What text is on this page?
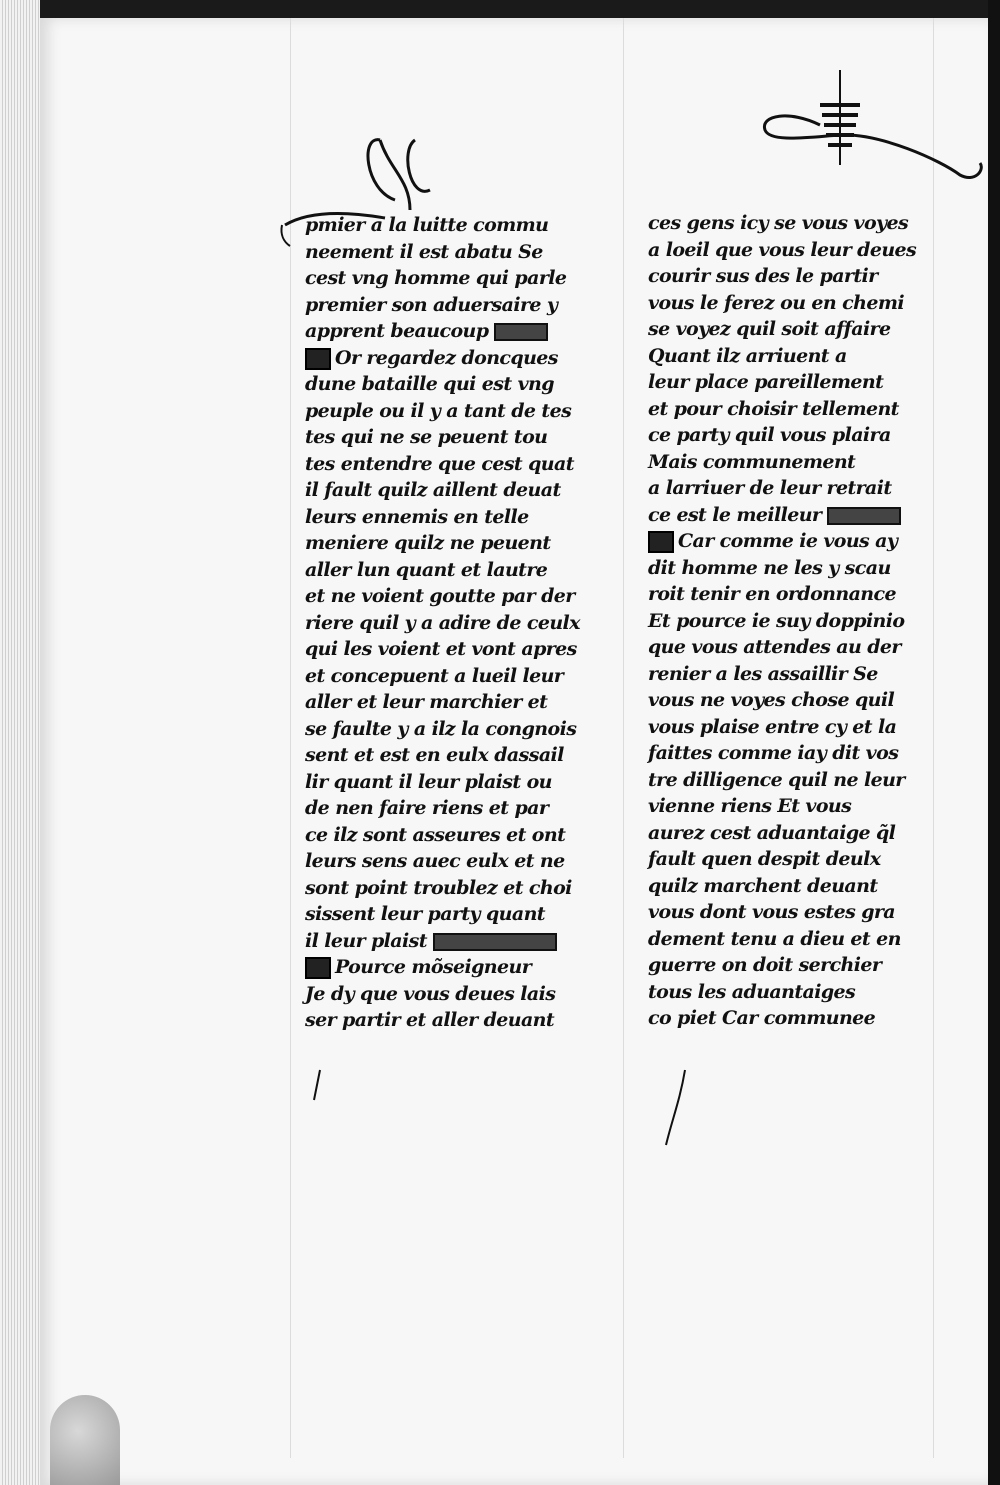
pmier a la luitte commu
neement il est abatu Se
cest vng homme qui parle
premier son aduersaire y
apprent beaucoup
Or regardez doncques
dune bataille qui est vng
peuple ou il y a tant de tes
tes qui ne se peuent tou
tes entendre que cest quat
il fault quilz aillent deuat
leurs ennemis en telle
meniere quilz ne peuent
aller lun quant et lautre
et ne voient goutte par der
riere quil y a adire de ceulx
qui les voient et vont apres
et concepuent a lueil leur
aller et leur marchier et
se faulte y a ilz la congnois
sent et est en eulx dassail
lir quant il leur plaist ou
de nen faire riens et par
ce ilz sont asseures et ont
leurs sens auec eulx et ne
sont point troublez et choi
sissent leur party quant
il leur plaist
Pource mõseigneur
Je dy que vous deues lais
ser partir et aller deuant
ces gens icy se vous voyes
a loeil que vous leur deues
courir sus des le partir
vous le ferez ou en chemi
se voyez quil soit affaire
Quant ilz arriuent a
leur place pareillement
et pour choisir tellement
ce party quil vous plaira
Mais communement
a larriuer de leur retrait
ce est le meilleur
Car comme ie vous ay
dit homme ne les y scau
roit tenir en ordonnance
Et pource ie suy doppinio
que vous attendes au der
renier a les assaillir Se
vous ne voyes chose quil
vous plaise entre cy et la
faittes comme iay dit vos
tre dilligence quil ne leur
vienne riens Et vous
aurez cest aduantaige q̃l
fault quen despit deulx
quilz marchent deuant
vous dont vous estes gra
dement tenu a dieu et en
guerre on doit serchier
tous les aduantaiges
co piet Car communee
